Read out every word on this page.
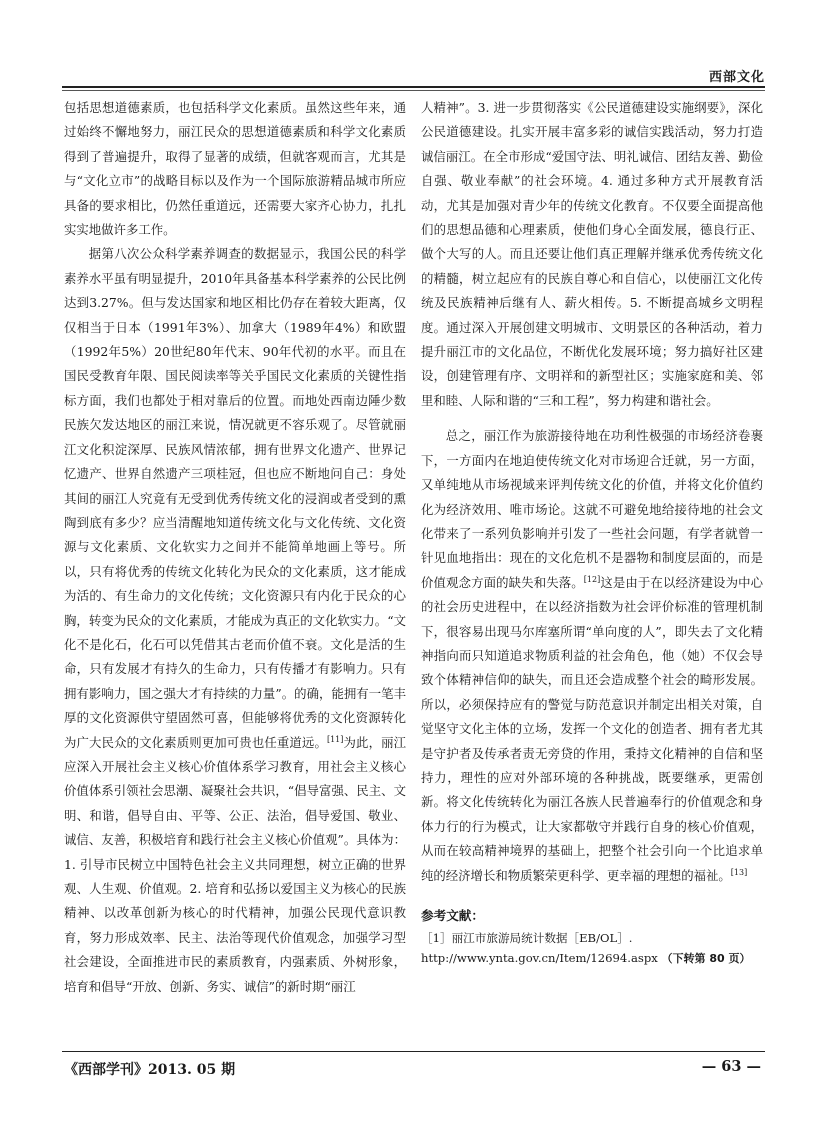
西部文化

包括思想道德素质，也包括科学文化素质。虽然这些年来，通过始终不懈地努力，丽江民众的思想道德素质和科学文化素质得到了普遍提升，取得了显著的成绩，但就客观而言，尤其是与“文化立市”的战略目标以及作为一个国际旅游精品城市所应具备的要求相比，仍然任重道远，还需要大家齐心协力，扎扎实实地做许多工作。

据第八次公众科学素养调查的数据显示，我国公民的科学素养水平虽有明显提升，2010年具备基本科学素养的公民比例达到3.27%。但与发达国家和地区相比仍存在着较大距离，仅仅相当于日本（1991年3%）、加拿大（1989年4%）和欧盟（1992年5%）20世纪80年代末、90年代初的水平。而且在国民受教育年限、国民阅读率等关乎国民文化素质的关键性指标方面，我们也都处于相对靠后的位置。而地处西南边陲少数民族欠发达地区的丽江来说，情况就更不容乐观了。尽管就丽江文化积淀深厚、民族风情浓郁，拥有世界文化遗产、世界记忆遗产、世界自然遗产三项桂冠，但也应不断地问自己：身处其间的丽江人究竟有无受到优秀传统文化的浸润或者受到的熏陶到底有多少？应当清醒地知道传统文化与文化传统、文化资源与文化素质、文化软实力之间并不能简单地画上等号。所以，只有将优秀的传统文化转化为民众的文化素质，这才能成为活的、有生命力的文化传统；文化资源只有内化于民众的心胸，转变为民众的文化素质，才能成为真正的文化软实力。“文化不是化石，化石可以凭借其古老而价值不衰。文化是活的生命，只有发展才有持久的生命力，只有传播才有影响力。只有拥有影响力，国之强大才有持续的力量”。的确，能拥有一笔丰厚的文化资源供守望固然可喜，但能够将优秀的文化资源转化为广大民众的文化素质则更加可贵也任重道远。[11]为此，丽江应深入开展社会主义核心价值体系学习教育，用社会主义核心价值体系引领社会思潮、凝聚社会共识，“倡导富强、民主、文明、和谐，倡导自由、平等、公正、法治，倡导爱国、敬业、诚信、友善，积极培育和践行社会主义核心价值观”。具体为：1. 引导市民树立中国特色社会主义共同理想，树立正确的世界观、人生观、价值观。2. 培育和弘扬以爱国主义为核心的民族精神、以改革创新为核心的时代精神，加强公民现代意识教育，努力形成效率、民主、法治等现代价值观念，加强学习型社会建设，全面推进市民的素质教育，内强素质、外树形象，培育和倡导“开放、创新、务实、诚信”的新时期“丽江

人精神”。3. 进一步贯彻落实《公民道德建设实施纲要》，深化公民道德建设。扎实开展丰富多彩的诚信实践活动，努力打造诚信丽江。在全市形成“爱国守法、明礼诚信、团结友善、勤俭自强、敬业奉献”的社会环境。4. 通过多种方式开展教育活动，尤其是加强对青少年的传统文化教育。不仅要全面提高他们的思想品德和心理素质，使他们身心全面发展，德良行正、做个大写的人。而且还要让他们真正理解并继承优秀传统文化的精髓，树立起应有的民族自尊心和自信心，以使丽江文化传统及民族精神后继有人、薪火相传。5. 不断提高城乡文明程度。通过深入开展创建文明城市、文明景区的各种活动，着力提升丽江市的文化品位，不断优化发展环境；努力搞好社区建设，创建管理有序、文明祥和的新型社区；实施家庭和美、邻里和睦、人际和谐的“三和工程”，努力构建和谐社会。

总之，丽江作为旅游接待地在功利性极强的市场经济卷裹下，一方面内在地迫使传统文化对市场迎合迁就，另一方面，又单纯地从市场视域来评判传统文化的价值，并将文化价值约化为经济效用、唯市场论。这就不可避免地给接待地的社会文化带来了一系列负影响并引发了一些社会问题，有学者就曾一针见血地指出：现在的文化危机不是器物和制度层面的，而是价值观念方面的缺失和失落。[12]这是由于在以经济建设为中心的社会历史进程中，在以经济指数为社会评价标准的管理机制下，很容易出现马尔库塞所谓“单向度的人”，即失去了文化精神指向而只知道追求物质利益的社会角色，他（她）不仅会导致个体精神信仰的缺失，而且还会造成整个社会的畸形发展。所以，必须保持应有的警觉与防范意识并制定出相关对策，自觉坚守文化主体的立场，发挥一个文化的创造者、拥有者尤其是守护者及传承者责无旁贷的作用，秉持文化精神的自信和坚持力，理性的应对外部环境的各种挑战，既要继承，更需创新。将文化传统转化为丽江各族人民普遍奉行的价值观念和身体力行的行为模式，让大家都敬守并践行自身的核心价值观，从而在较高精神境界的基础上，把整个社会引向一个比追求单纯的经济增长和物质繁荣更科学、更幸福的理想的福祉。[13]

参考文献：
［1］丽江市旅游局统计数据［EB/OL］. http://www.ynta.gov.cn/Item/12694.aspx （下转第 80 页）
《西部学刊》2013. 05 期	— 63 —
